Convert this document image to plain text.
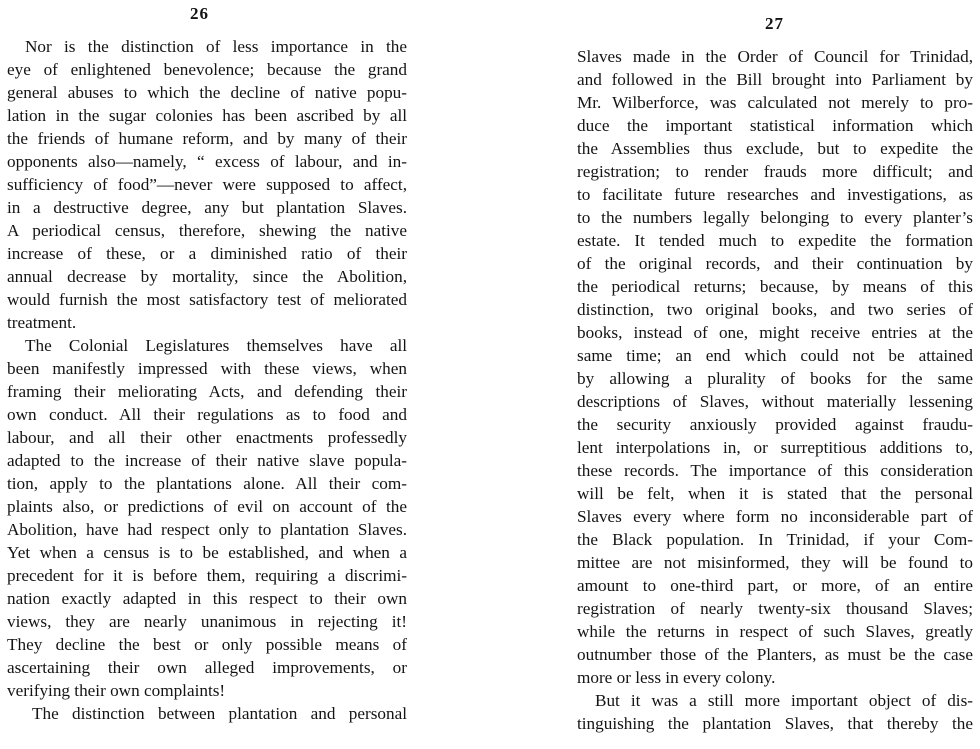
26
Nor is the distinction of less importance in the
eye of enlightened benevolence; because the grand
general abuses to which the decline of native popu-
lation in the sugar colonies has been ascribed by all
the friends of humane reform, and by many of their
opponents also—namely, “ excess of labour, and in-
sufficiency of food”—never were supposed to affect,
in a destructive degree, any but plantation Slaves.
A periodical census, therefore, shewing the native
increase of these, or a diminished ratio of their
annual decrease by mortality, since the Abolition,
would furnish the most satisfactory test of meliorated
treatment.
The Colonial Legislatures themselves have all
been manifestly impressed with these views, when
framing their meliorating Acts, and defending their
own conduct. All their regulations as to food and
labour, and all their other enactments professedly
adapted to the increase of their native slave popula-
tion, apply to the plantations alone. All their com-
plaints also, or predictions of evil on account of the
Abolition, have had respect only to plantation Slaves.
Yet when a census is to be established, and when a
precedent for it is before them, requiring a discrimi-
nation exactly adapted in this respect to their own
views, they are nearly unanimous in rejecting it!
They decline the best or only possible means of
ascertaining their own alleged improvements, or
verifying their own complaints!
The distinction between plantation and personal
27
Slaves made in the Order of Council for Trinidad,
and followed in the Bill brought into Parliament by
Mr. Wilberforce, was calculated not merely to pro-
duce the important statistical information which
the Assemblies thus exclude, but to expedite the
registration; to render frauds more difficult; and
to facilitate future researches and investigations, as
to the numbers legally belonging to every planter’s
estate. It tended much to expedite the formation
of the original records, and their continuation by
the periodical returns; because, by means of this
distinction, two original books, and two series of
books, instead of one, might receive entries at the
same time; an end which could not be attained
by allowing a plurality of books for the same
descriptions of Slaves, without materially lessening
the security anxiously provided against fraudu-
lent interpolations in, or surreptitious additions to,
these records. The importance of this consideration
will be felt, when it is stated that the personal
Slaves every where form no inconsiderable part of
the Black population. In Trinidad, if your Com-
mittee are not misinformed, they will be found to
amount to one-third part, or more, of an entire
registration of nearly twenty-six thousand Slaves;
while the returns in respect of such Slaves, greatly
outnumber those of the Planters, as must be the case
more or less in every colony.
But it was a still more important object of dis-
tinguishing the plantation Slaves, that thereby the
